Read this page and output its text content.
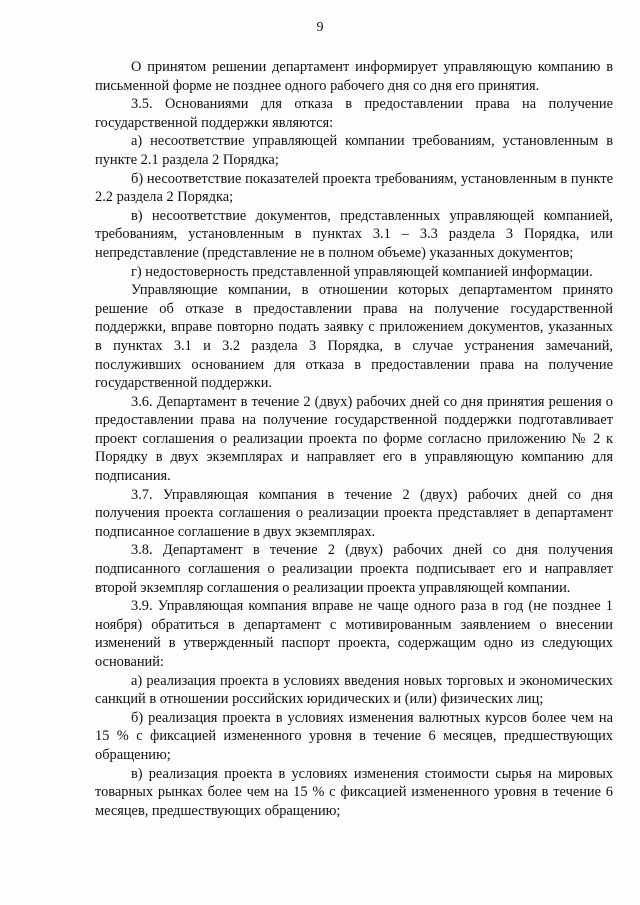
9

О принятом решении департамент информирует управляющую компанию в письменной форме не позднее одного рабочего дня со дня его принятия.

3.5. Основаниями для отказа в предоставлении права на получение государственной поддержки являются:

а) несоответствие управляющей компании требованиям, установленным в пункте 2.1 раздела 2 Порядка;

б) несоответствие показателей проекта требованиям, установленным в пункте 2.2 раздела 2 Порядка;

в) несоответствие документов, представленных управляющей компанией, требованиям, установленным в пунктах 3.1 – 3.3 раздела 3 Порядка, или непредставление (представление не в полном объеме) указанных документов;

г) недостоверность представленной управляющей компанией информации.

Управляющие компании, в отношении которых департаментом принято решение об отказе в предоставлении права на получение государственной поддержки, вправе повторно подать заявку с приложением документов, указанных в пунктах 3.1 и 3.2 раздела 3 Порядка, в случае устранения замечаний, послуживших основанием для отказа в предоставлении права на получение государственной поддержки.

3.6. Департамент в течение 2 (двух) рабочих дней со дня принятия решения о предоставлении права на получение государственной поддержки подготавливает проект соглашения о реализации проекта по форме согласно приложению № 2 к Порядку в двух экземплярах и направляет его в управляющую компанию для подписания.

3.7. Управляющая компания в течение 2 (двух) рабочих дней со дня получения проекта соглашения о реализации проекта представляет в департамент подписанное соглашение в двух экземплярах.

3.8. Департамент в течение 2 (двух) рабочих дней со дня получения подписанного соглашения о реализации проекта подписывает его и направляет второй экземпляр соглашения о реализации проекта управляющей компании.

3.9. Управляющая компания вправе не чаще одного раза в год (не позднее 1 ноября) обратиться в департамент с мотивированным заявлением о внесении изменений в утвержденный паспорт проекта, содержащим одно из следующих оснований:

а) реализация проекта в условиях введения новых торговых и экономических санкций в отношении российских юридических и (или) физических лиц;

б) реализация проекта в условиях изменения валютных курсов более чем на 15 % с фиксацией измененного уровня в течение 6 месяцев, предшествующих обращению;

в) реализация проекта в условиях изменения стоимости сырья на мировых товарных рынках более чем на 15 % с фиксацией измененного уровня в течение 6 месяцев, предшествующих обращению;
